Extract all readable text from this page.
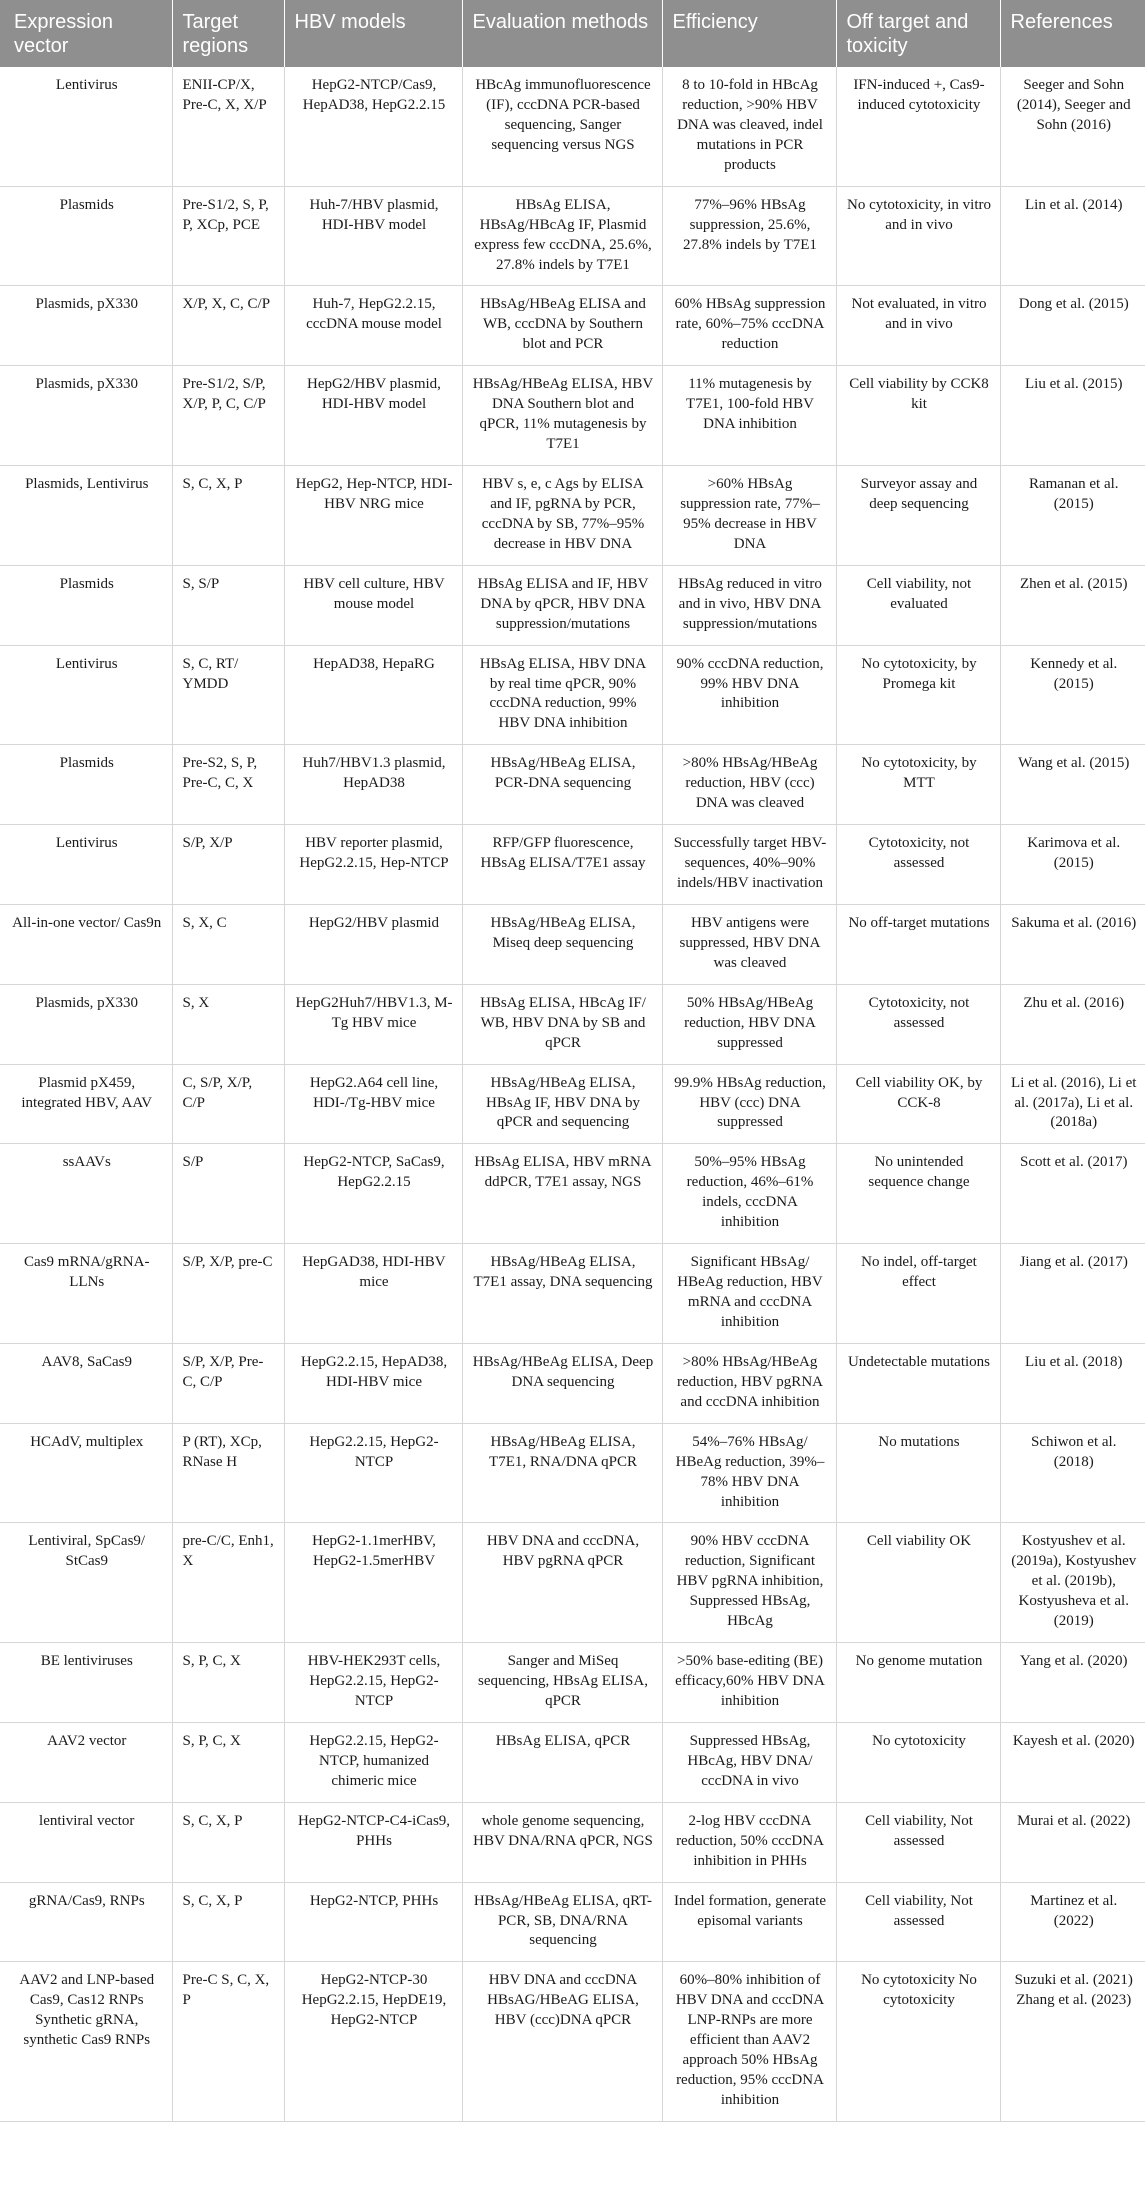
Expression vector	Target regions	HBV models	Evaluation methods	Efficiency	Off target and toxicity	References
Lentivirus	ENII-CP/X, Pre-C, X, X/P	HepG2-NTCP/Cas9, HepAD38, HepG2.2.15	HBcAg immunofluorescence (IF), cccDNA PCR-based sequencing, Sanger sequencing versus NGS	8 to 10-fold in HBcAg reduction, >90% HBV DNA was cleaved, indel mutations in PCR products	IFN-induced +, Cas9-induced cytotoxicity	Seeger and Sohn (2014), Seeger and Sohn (2016)
Plasmids	Pre-S1/2, S, P, P, XCp, PCE	Huh-7/HBV plasmid, HDI-HBV model	HBsAg ELISA, HBsAg/HBcAg IF, Plasmid express few cccDNA, 25.6%, 27.8% indels by T7E1	77%–96% HBsAg suppression, 25.6%, 27.8% indels by T7E1	No cytotoxicity, in vitro and in vivo	Lin et al. (2014)
Plasmids, pX330	X/P, X, C, C/P	Huh-7, HepG2.2.15, cccDNA mouse model	HBsAg/HBeAg ELISA and WB, cccDNA by Southern blot and PCR	60% HBsAg suppression rate, 60%–75% cccDNA reduction	Not evaluated, in vitro and in vivo	Dong et al. (2015)
Plasmids, pX330	Pre-S1/2, S/P, X/P, P, C, C/P	HepG2/HBV plasmid, HDI-HBV model	HBsAg/HBeAg ELISA, HBV DNA Southern blot and qPCR, 11% mutagenesis by T7E1	11% mutagenesis by T7E1, 100-fold HBV DNA inhibition	Cell viability by CCK8 kit	Liu et al. (2015)
Plasmids, Lentivirus	S, C, X, P	HepG2, Hep-NTCP, HDI-HBV NRG mice	HBV s, e, c Ags by ELISA and IF, pgRNA by PCR, cccDNA by SB, 77%–95% decrease in HBV DNA	>60% HBsAg suppression rate, 77%–95% decrease in HBV DNA	Surveyor assay and deep sequencing	Ramanan et al. (2015)
Plasmids	S, S/P	HBV cell culture, HBV mouse model	HBsAg ELISA and IF, HBV DNA by qPCR, HBV DNA suppression/mutations	HBsAg reduced in vitro and in vivo, HBV DNA suppression/mutations	Cell viability, not evaluated	Zhen et al. (2015)
Lentivirus	S, C, RT/ YMDD	HepAD38, HepaRG	HBsAg ELISA, HBV DNA by real time qPCR, 90% cccDNA reduction, 99% HBV DNA inhibition	90% cccDNA reduction, 99% HBV DNA inhibition	No cytotoxicity, by Promega kit	Kennedy et al. (2015)
Plasmids	Pre-S2, S, P, Pre-C, C, X	Huh7/HBV1.3 plasmid, HepAD38	HBsAg/HBeAg ELISA, PCR-DNA sequencing	>80% HBsAg/HBeAg reduction, HBV (ccc) DNA was cleaved	No cytotoxicity, by MTT	Wang et al. (2015)
Lentivirus	S/P, X/P	HBV reporter plasmid, HepG2.2.15, Hep-NTCP	RFP/GFP fluorescence, HBsAg ELISA/T7E1 assay	Successfully target HBV-sequences, 40%–90% indels/HBV inactivation	Cytotoxicity, not assessed	Karimova et al. (2015)
All-in-one vector/ Cas9n	S, X, C	HepG2/HBV plasmid	HBsAg/HBeAg ELISA, Miseq deep sequencing	HBV antigens were suppressed, HBV DNA was cleaved	No off-target mutations	Sakuma et al. (2016)
Plasmids, pX330	S, X	HepG2Huh7/HBV1.3, M-Tg HBV mice	HBsAg ELISA, HBcAg IF/ WB, HBV DNA by SB and qPCR	50% HBsAg/HBeAg reduction, HBV DNA suppressed	Cytotoxicity, not assessed	Zhu et al. (2016)
Plasmid pX459, integrated HBV, AAV	C, S/P, X/P, C/P	HepG2.A64 cell line, HDI-/Tg-HBV mice	HBsAg/HBeAg ELISA, HBsAg IF, HBV DNA by qPCR and sequencing	99.9% HBsAg reduction, HBV (ccc) DNA suppressed	Cell viability OK, by CCK-8	Li et al. (2016), Li et al. (2017a), Li et al. (2018a)
ssAAVs	S/P	HepG2-NTCP, SaCas9, HepG2.2.15	HBsAg ELISA, HBV mRNA ddPCR, T7E1 assay, NGS	50%–95% HBsAg reduction, 46%–61% indels, cccDNA inhibition	No unintended sequence change	Scott et al. (2017)
Cas9 mRNA/gRNA-LLNs	S/P, X/P, pre-C	HepGAD38, HDI-HBV mice	HBsAg/HBeAg ELISA, T7E1 assay, DNA sequencing	Significant HBsAg/ HBeAg reduction, HBV mRNA and cccDNA inhibition	No indel, off-target effect	Jiang et al. (2017)
AAV8, SaCas9	S/P, X/P, Pre-C, C/P	HepG2.2.15, HepAD38, HDI-HBV mice	HBsAg/HBeAg ELISA, Deep DNA sequencing	>80% HBsAg/HBeAg reduction, HBV pgRNA and cccDNA inhibition	Undetectable mutations	Liu et al. (2018)
HCAdV, multiplex	P (RT), XCp, RNase H	HepG2.2.15, HepG2-NTCP	HBsAg/HBeAg ELISA, T7E1, RNA/DNA qPCR	54%–76% HBsAg/ HBeAg reduction, 39%–78% HBV DNA inhibition	No mutations	Schiwon et al. (2018)
Lentiviral, SpCas9/ StCas9	pre-C/C, Enh1, X	HepG2-1.1merHBV, HepG2-1.5merHBV	HBV DNA and cccDNA, HBV pgRNA qPCR	90% HBV cccDNA reduction, Significant HBV pgRNA inhibition, Suppressed HBsAg, HBcAg	Cell viability OK	Kostyushev et al. (2019a), Kostyushev et al. (2019b), Kostyusheva et al. (2019)
BE lentiviruses	S, P, C, X	HBV-HEK293T cells, HepG2.2.15, HepG2-NTCP	Sanger and MiSeq sequencing, HBsAg ELISA, qPCR	>50% base-editing (BE) efficacy,60% HBV DNA inhibition	No genome mutation	Yang et al. (2020)
AAV2 vector	S, P, C, X	HepG2.2.15, HepG2-NTCP, humanized chimeric mice	HBsAg ELISA, qPCR	Suppressed HBsAg, HBcAg, HBV DNA/ cccDNA in vivo	No cytotoxicity	Kayesh et al. (2020)
lentiviral vector	S, C, X, P	HepG2-NTCP-C4-iCas9, PHHs	whole genome sequencing, HBV DNA/RNA qPCR, NGS	2-log HBV cccDNA reduction, 50% cccDNA inhibition in PHHs	Cell viability, Not assessed	Murai et al. (2022)
gRNA/Cas9, RNPs	S, C, X, P	HepG2-NTCP, PHHs	HBsAg/HBeAg ELISA, qRT-PCR, SB, DNA/RNA sequencing	Indel formation, generate episomal variants	Cell viability, Not assessed	Martinez et al. (2022)
AAV2 and LNP-based Cas9, Cas12 RNPs Synthetic gRNA, synthetic Cas9 RNPs	Pre-C S, C, X, P	HepG2-NTCP-30 HepG2.2.15, HepDE19, HepG2-NTCP	HBV DNA and cccDNA HBsAG/HBeAG ELISA, HBV (ccc)DNA qPCR	60%–80% inhibition of HBV DNA and cccDNA LNP-RNPs are more efficient than AAV2 approach 50% HBsAg reduction, 95% cccDNA inhibition	No cytotoxicity No cytotoxicity	Suzuki et al. (2021) Zhang et al. (2023)
